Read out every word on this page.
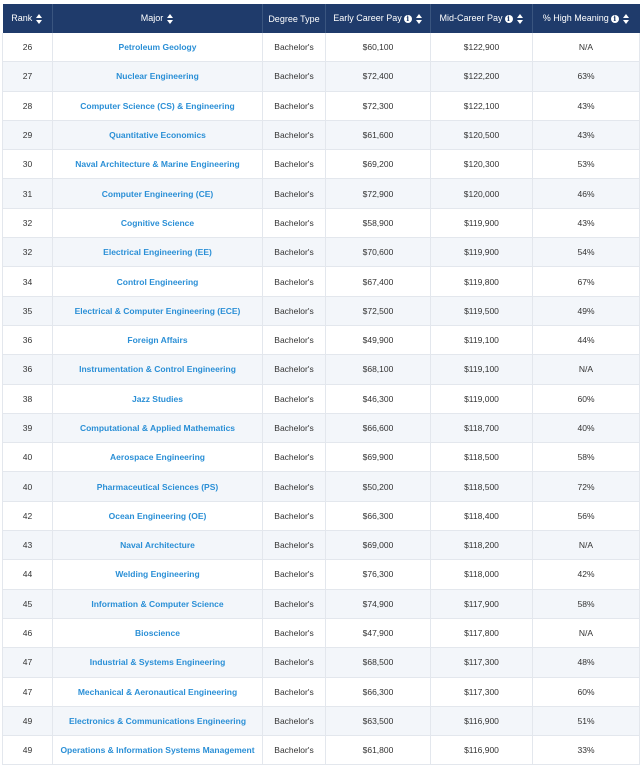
Rank	Major	Degree Type	Early Career Pay i	Mid-Career Pay i	% High Meaning i
26	Petroleum Geology	Bachelor's	$60,100	$122,900	N/A
27	Nuclear Engineering	Bachelor's	$72,400	$122,200	63%
28	Computer Science (CS) & Engineering	Bachelor's	$72,300	$122,100	43%
29	Quantitative Economics	Bachelor's	$61,600	$120,500	43%
30	Naval Architecture & Marine Engineering	Bachelor's	$69,200	$120,300	53%
31	Computer Engineering (CE)	Bachelor's	$72,900	$120,000	46%
32	Cognitive Science	Bachelor's	$58,900	$119,900	43%
32	Electrical Engineering (EE)	Bachelor's	$70,600	$119,900	54%
34	Control Engineering	Bachelor's	$67,400	$119,800	67%
35	Electrical & Computer Engineering (ECE)	Bachelor's	$72,500	$119,500	49%
36	Foreign Affairs	Bachelor's	$49,900	$119,100	44%
36	Instrumentation & Control Engineering	Bachelor's	$68,100	$119,100	N/A
38	Jazz Studies	Bachelor's	$46,300	$119,000	60%
39	Computational & Applied Mathematics	Bachelor's	$66,600	$118,700	40%
40	Aerospace Engineering	Bachelor's	$69,900	$118,500	58%
40	Pharmaceutical Sciences (PS)	Bachelor's	$50,200	$118,500	72%
42	Ocean Engineering (OE)	Bachelor's	$66,300	$118,400	56%
43	Naval Architecture	Bachelor's	$69,000	$118,200	N/A
44	Welding Engineering	Bachelor's	$76,300	$118,000	42%
45	Information & Computer Science	Bachelor's	$74,900	$117,900	58%
46	Bioscience	Bachelor's	$47,900	$117,800	N/A
47	Industrial & Systems Engineering	Bachelor's	$68,500	$117,300	48%
47	Mechanical & Aeronautical Engineering	Bachelor's	$66,300	$117,300	60%
49	Electronics & Communications Engineering	Bachelor's	$63,500	$116,900	51%
49	Operations & Information Systems Management	Bachelor's	$61,800	$116,900	33%
